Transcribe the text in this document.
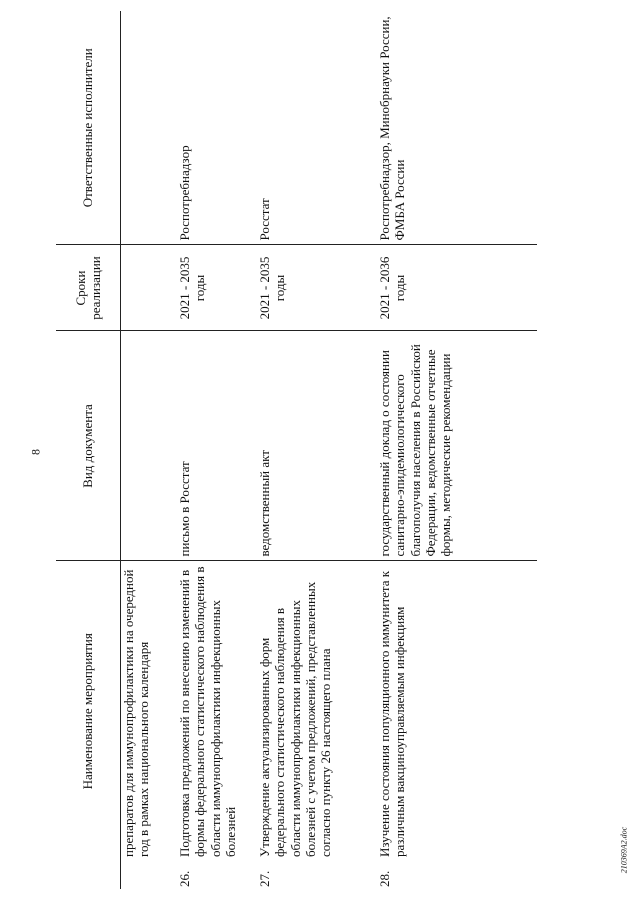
8
210369A2.doc
	Наименование мероприятия	Вид документа	Сроки реализации	Ответственные исполнители
	препаратов для иммунопрофилактики на очередной год в рамках национального календаря			
26.	Подготовка предложений по внесению изменений в формы федерального статистического наблюдения в области иммунопрофилактики инфекционных болезней	письмо в Росстат	2021 - 2035 годы	Роспотребнадзор
27.	Утверждение актуализированных форм федерального статистического наблюдения в области иммунопрофилактики инфекционных болезней с учетом предложений, представленных согласно пункту 26 настоящего плана	ведомственный акт	2021 - 2035 годы	Росстат
28.	Изучение состояния популяционного иммунитета к различным вакциноуправляемым инфекциям	государственный доклад о состоянии санитарно-эпидемиологического благополучия населения в Российской Федерации, ведомственные отчетные формы, методические рекомендации	2021 - 2036 годы	Роспотребнадзор, Минобрнауки России, ФМБА России
